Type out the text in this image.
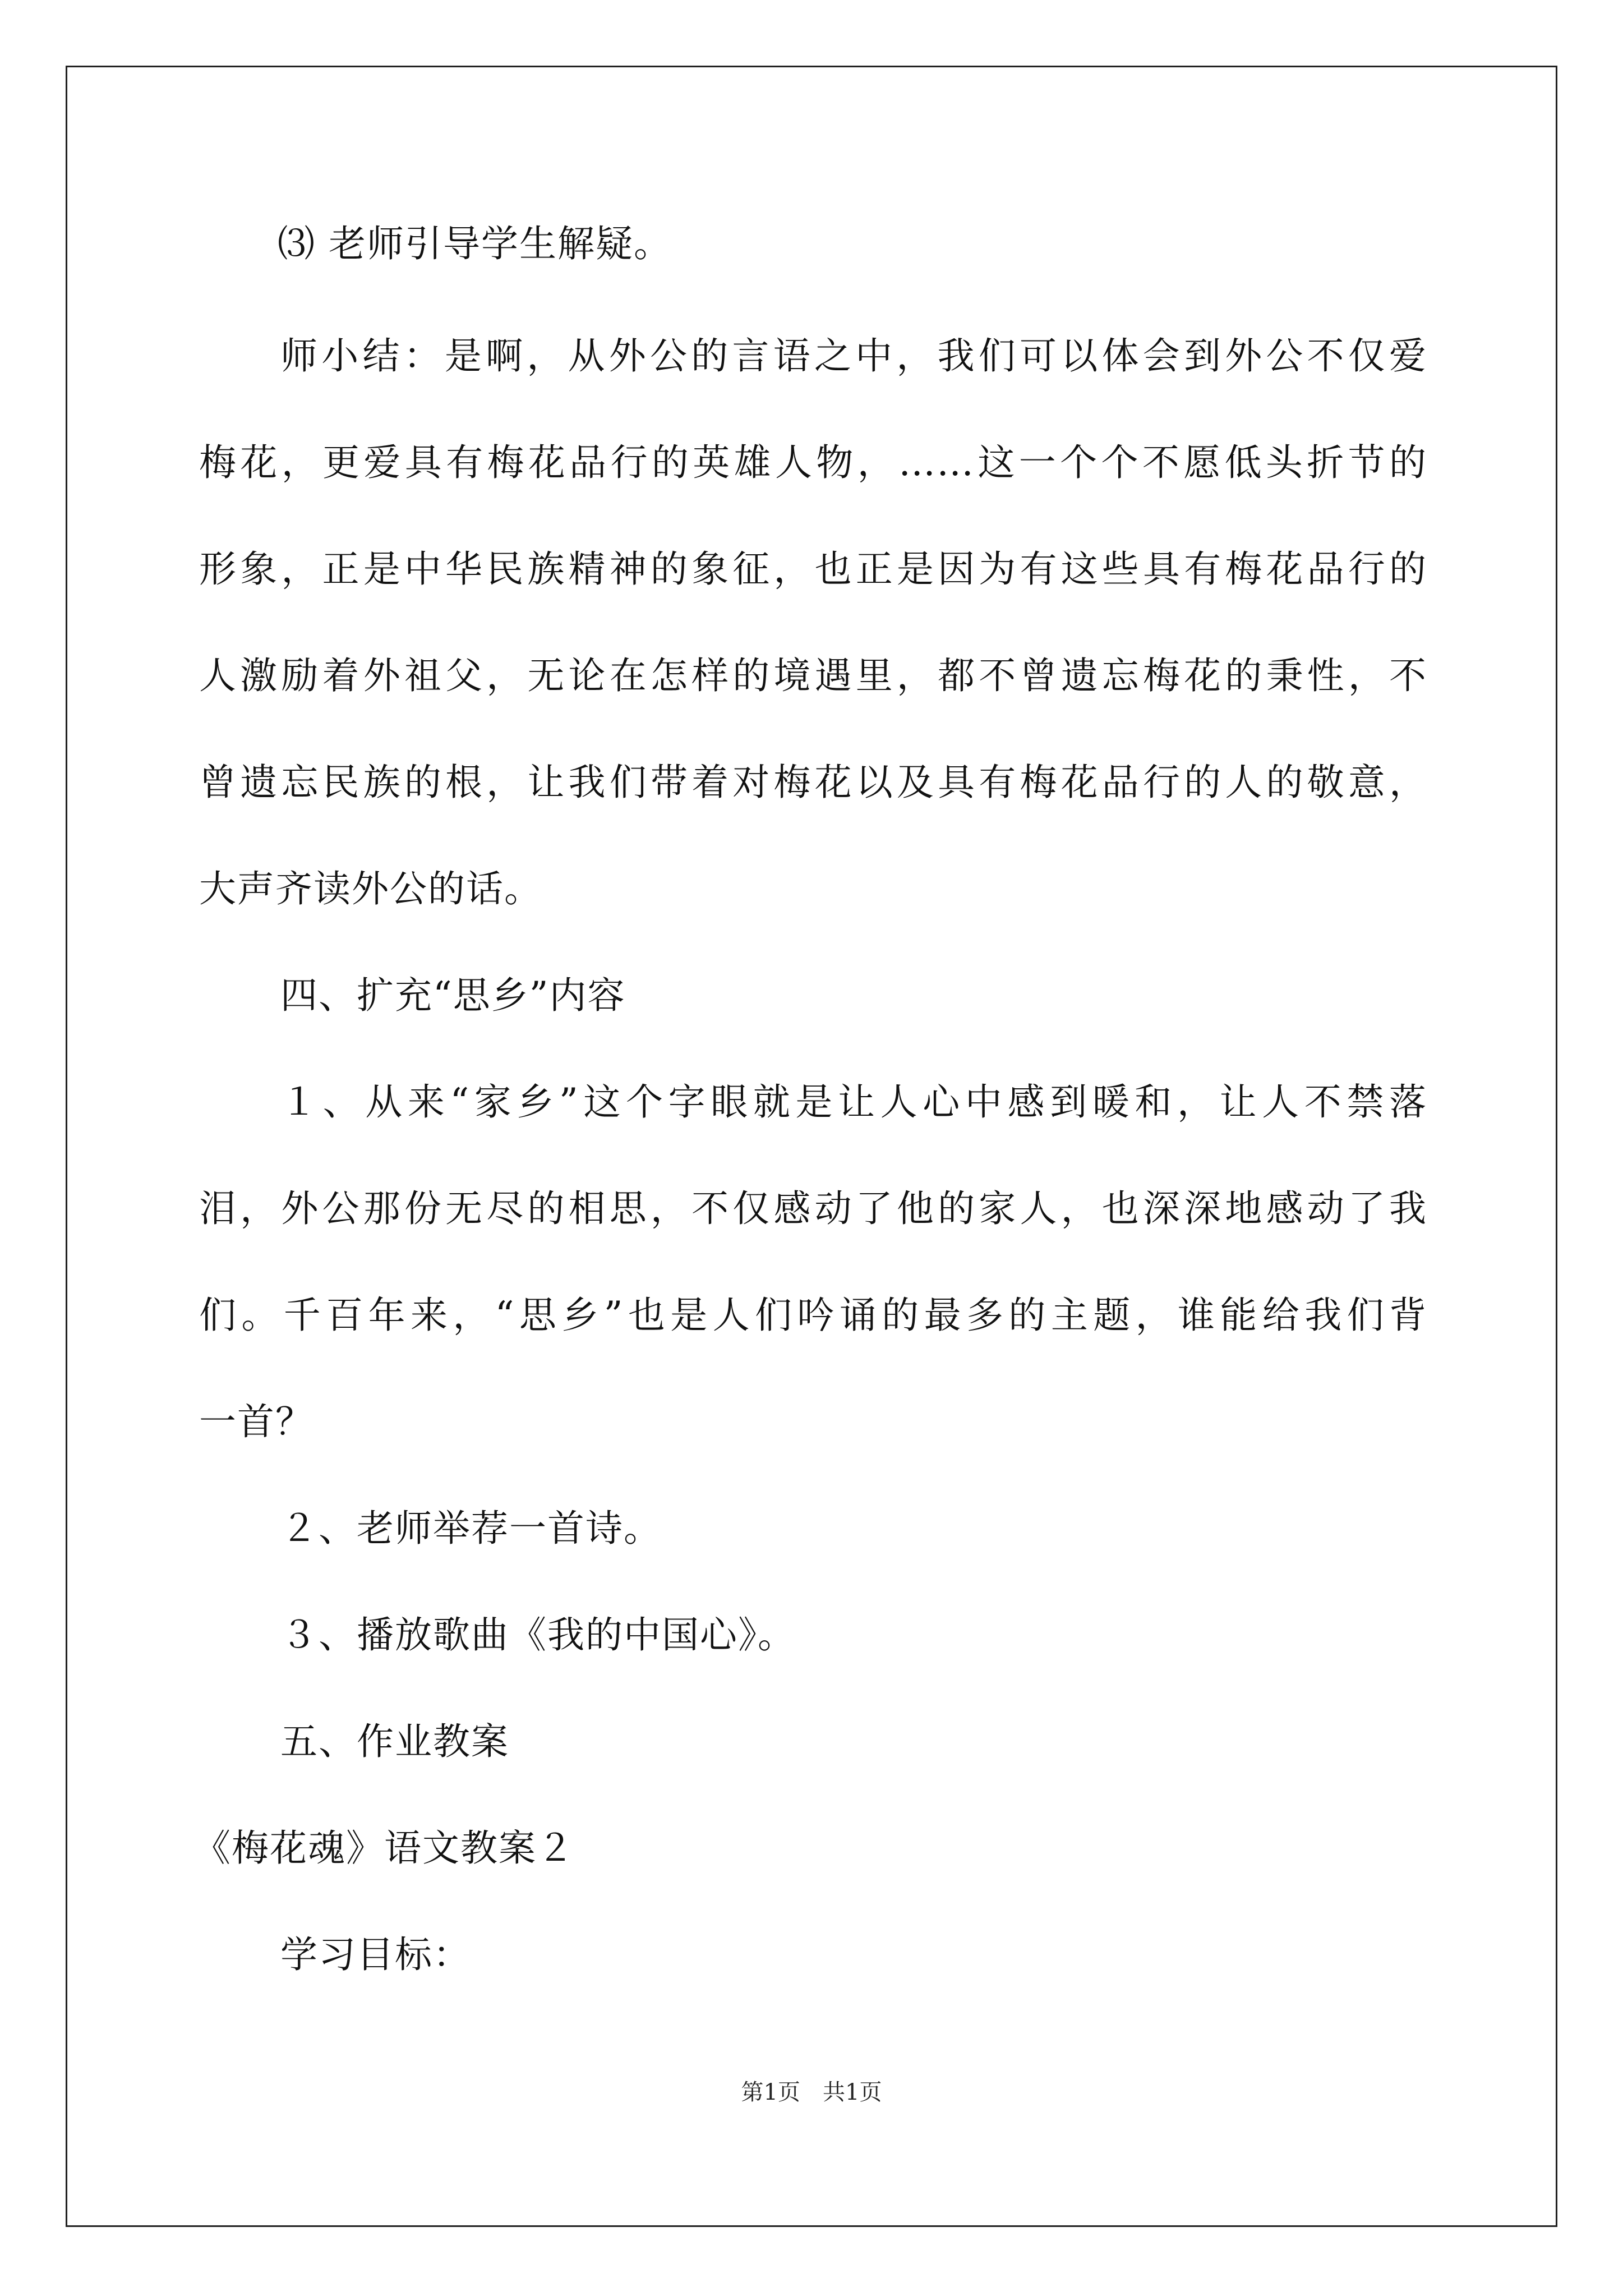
⑶ 老师引导学生解疑。
师小结：是啊，从外公的言语之中，我们可以体会到外公不仅爱
梅花，更爱具有梅花品行的英雄人物，……这一个个不愿低头折节的
形象，正是中华民族精神的象征，也正是因为有这些具有梅花品行的
人激励着外祖父，无论在怎样的境遇里，都不曾遗忘梅花的秉性，不
曾遗忘民族的根，让我们带着对梅花以及具有梅花品行的人的敬意，
大声齐读外公的话。
四、扩充“思乡”内容
１、从来“家乡”这个字眼就是让人心中感到暖和，让人不禁落
泪，外公那份无尽的相思，不仅感动了他的家人，也深深地感动了我
们。千百年来，“思乡”也是人们吟诵的最多的主题，谁能给我们背
一首？
２、老师举荐一首诗。
３、播放歌曲《我的中国心》。
五、作业教案
《梅花魂》语文教案２
学习目标：
第1页　共1页
